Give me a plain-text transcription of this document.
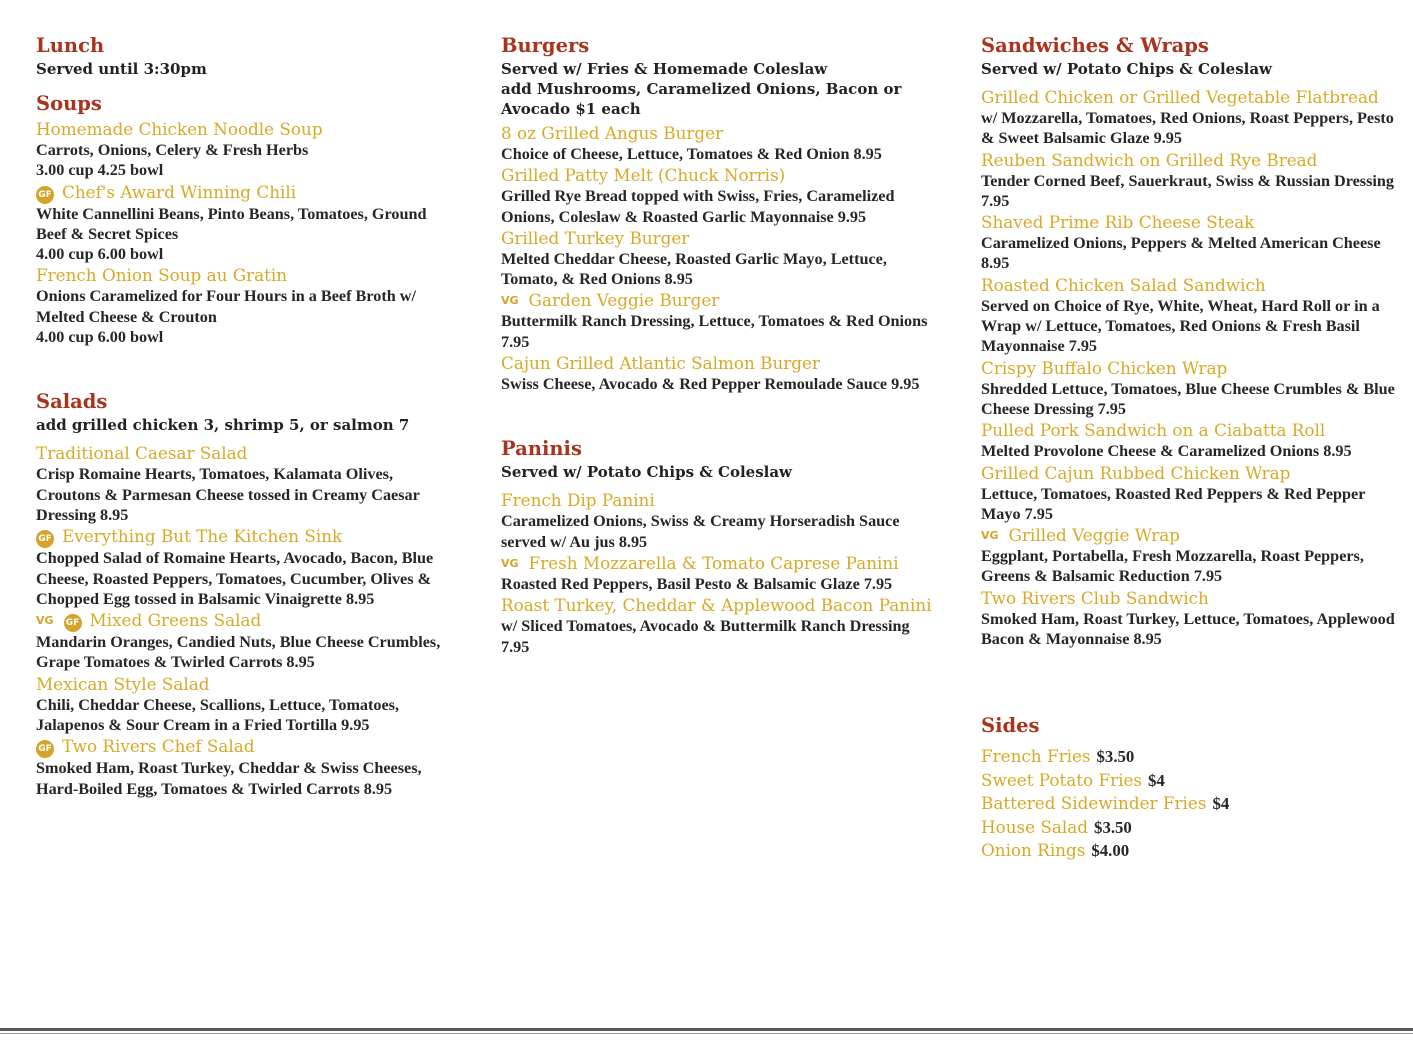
Lunch
Served until 3:30pm
Soups
Homemade Chicken Noodle Soup
Carrots, Onions, Celery & Fresh Herbs
3.00 cup 4.25 bowl
GF Chef's Award Winning Chili
White Cannellini Beans, Pinto Beans, Tomatoes, Ground Beef & Secret Spices
4.00 cup 6.00 bowl
French Onion Soup au Gratin
Onions Caramelized for Four Hours in a Beef Broth w/ Melted Cheese & Crouton
4.00 cup 6.00 bowl
Salads
add grilled chicken 3, shrimp 5, or salmon 7
Traditional Caesar Salad
Crisp Romaine Hearts, Tomatoes, Kalamata Olives, Croutons & Parmesan Cheese tossed in Creamy Caesar Dressing 8.95
GF Everything But The Kitchen Sink
Chopped Salad of Romaine Hearts, Avocado, Bacon, Blue Cheese, Roasted Peppers, Tomatoes, Cucumber, Olives & Chopped Egg tossed in Balsamic Vinaigrette 8.95
VG GF Mixed Greens Salad
Mandarin Oranges, Candied Nuts, Blue Cheese Crumbles, Grape Tomatoes & Twirled Carrots 8.95
Mexican Style Salad
Chili, Cheddar Cheese, Scallions, Lettuce, Tomatoes, Jalapenos & Sour Cream in a Fried Tortilla 9.95
GF Two Rivers Chef Salad
Smoked Ham, Roast Turkey, Cheddar & Swiss Cheeses, Hard-Boiled Egg, Tomatoes & Twirled Carrots 8.95
Burgers
Served w/ Fries & Homemade Coleslaw
add Mushrooms, Caramelized Onions, Bacon or Avocado $1 each
8 oz Grilled Angus Burger
Choice of Cheese, Lettuce, Tomatoes & Red Onion 8.95
Grilled Patty Melt (Chuck Norris)
Grilled Rye Bread topped with Swiss, Fries, Caramelized Onions, Coleslaw & Roasted Garlic Mayonnaise 9.95
Grilled Turkey Burger
Melted Cheddar Cheese, Roasted Garlic Mayo, Lettuce, Tomato, & Red Onions 8.95
VG Garden Veggie Burger
Buttermilk Ranch Dressing, Lettuce, Tomatoes & Red Onions 7.95
Cajun Grilled Atlantic Salmon Burger
Swiss Cheese, Avocado & Red Pepper Remoulade Sauce 9.95
Paninis
Served w/ Potato Chips & Coleslaw
French Dip Panini
Caramelized Onions, Swiss & Creamy Horseradish Sauce served w/ Au jus 8.95
VG Fresh Mozzarella & Tomato Caprese Panini
Roasted Red Peppers, Basil Pesto & Balsamic Glaze 7.95
Roast Turkey, Cheddar & Applewood Bacon Panini
w/ Sliced Tomatoes, Avocado & Buttermilk Ranch Dressing 7.95
Sandwiches & Wraps
Served w/ Potato Chips & Coleslaw
Grilled Chicken or Grilled Vegetable Flatbread
w/ Mozzarella, Tomatoes, Red Onions, Roast Peppers, Pesto & Sweet Balsamic Glaze 9.95
Reuben Sandwich on Grilled Rye Bread
Tender Corned Beef, Sauerkraut, Swiss & Russian Dressing 7.95
Shaved Prime Rib Cheese Steak
Caramelized Onions, Peppers & Melted American Cheese 8.95
Roasted Chicken Salad Sandwich
Served on Choice of Rye, White, Wheat, Hard Roll or in a Wrap w/ Lettuce, Tomatoes, Red Onions & Fresh Basil Mayonnaise 7.95
Crispy Buffalo Chicken Wrap
Shredded Lettuce, Tomatoes, Blue Cheese Crumbles & Blue Cheese Dressing 7.95
Pulled Pork Sandwich on a Ciabatta Roll
Melted Provolone Cheese & Caramelized Onions 8.95
Grilled Cajun Rubbed Chicken Wrap
Lettuce, Tomatoes, Roasted Red Peppers & Red Pepper Mayo 7.95
VG Grilled Veggie Wrap
Eggplant, Portabella, Fresh Mozzarella, Roast Peppers, Greens & Balsamic Reduction 7.95
Two Rivers Club Sandwich
Smoked Ham, Roast Turkey, Lettuce, Tomatoes, Applewood Bacon & Mayonnaise 8.95
Sides
French Fries $3.50
Sweet Potato Fries $4
Battered Sidewinder Fries $4
House Salad $3.50
Onion Rings $4.00
